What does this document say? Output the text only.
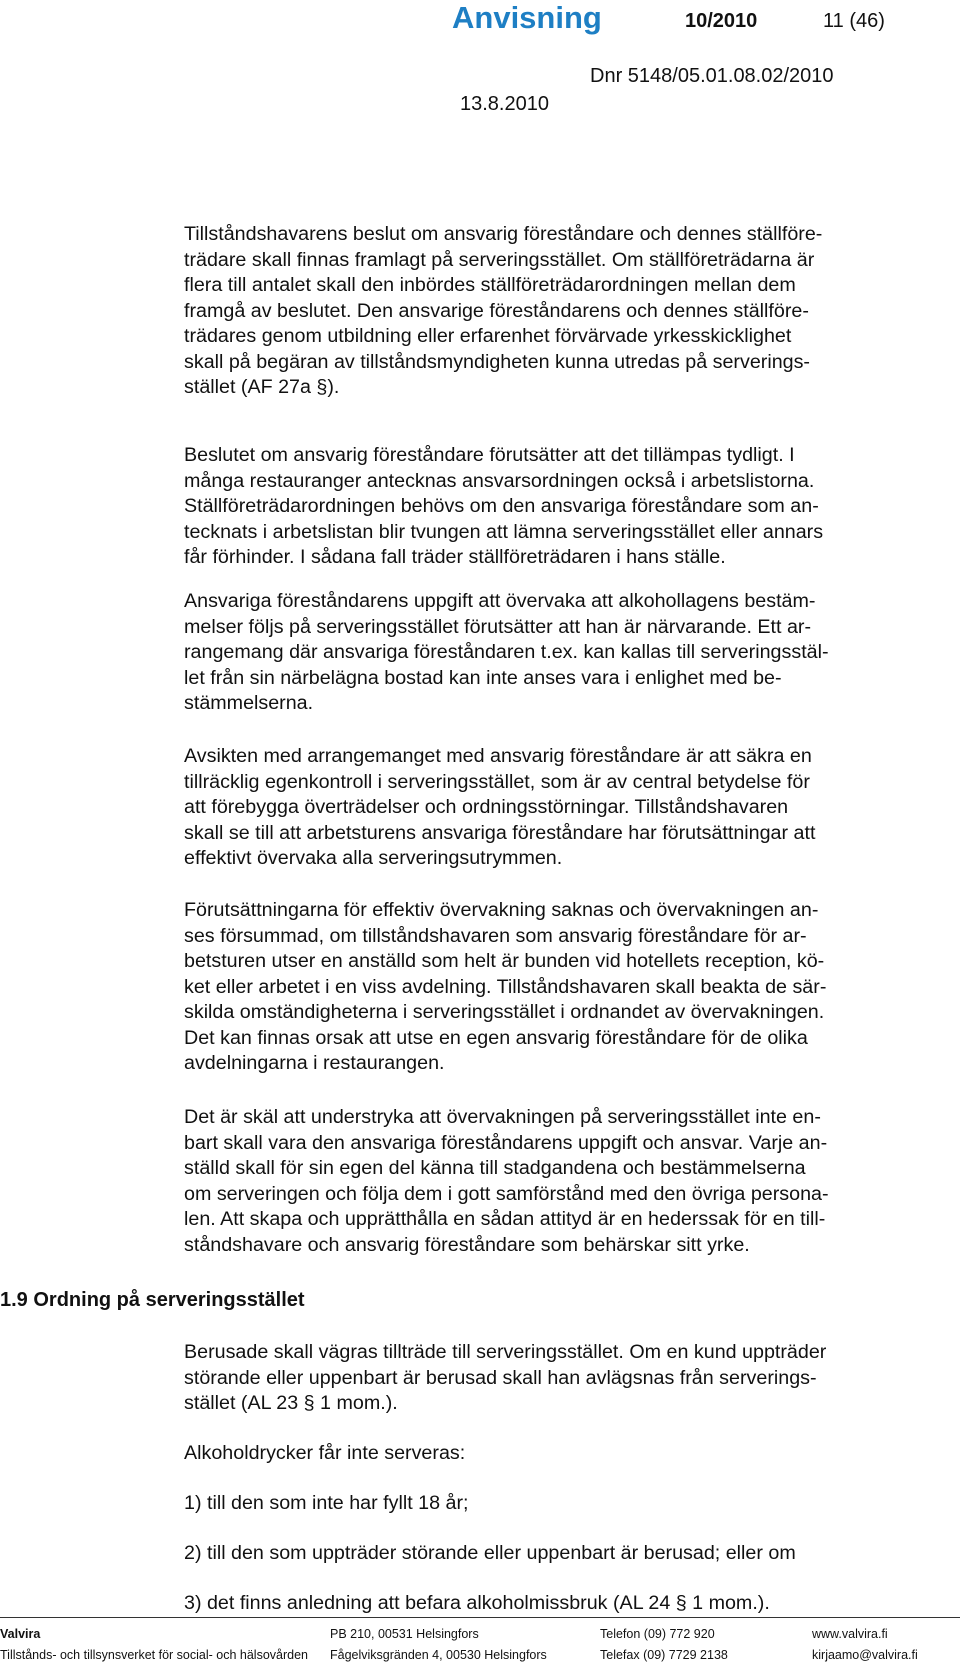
Anvisning	10/2010	11 (46)
Dnr 5148/05.01.08.02/2010
13.8.2010
Tillståndshavarens beslut om ansvarig föreståndare och dennes ställföre-
trädare skall finnas framlagt på serveringsstället. Om ställföreträdarna är
flera till antalet skall den inbördes ställföreträdarordningen mellan dem
framgå av beslutet. Den ansvarige föreståndarens och dennes ställföre-
trädares genom utbildning eller erfarenhet förvärvade yrkesskicklighet
skall på begäran av tillståndsmyndigheten kunna utredas på serverings-
stället (AF 27a §).
Beslutet om ansvarig föreståndare förutsätter att det tillämpas tydligt. I
många restauranger antecknas ansvarsordningen också i arbetslistorna.
Ställföreträdarordningen behövs om den ansvariga föreståndare som an-
tecknats i arbetslistan blir tvungen att lämna serveringsstället eller annars
får förhinder. I sådana fall träder ställföreträdaren i hans ställe.
Ansvariga föreståndarens uppgift att övervaka att alkohollagens bestäm-
melser följs på serveringsstället förutsätter att han är närvarande. Ett ar-
rangemang där ansvariga föreståndaren t.ex. kan kallas till serveringsstäl-
let från sin närbelägna bostad kan inte anses vara i enlighet med be-
stämmelserna.
Avsikten med arrangemanget med ansvarig föreståndare är att säkra en
tillräcklig egenkontroll i serveringsstället, som är av central betydelse för
att förebygga överträdelser och ordningsstörningar. Tillståndshavaren
skall se till att arbetsturens ansvariga föreståndare har förutsättningar att
effektivt övervaka alla serveringsutrymmen.
Förutsättningarna för effektiv övervakning saknas och övervakningen an-
ses försummad, om tillståndshavaren som ansvarig föreståndare för ar-
betsturen utser en anställd som helt är bunden vid hotellets reception, kö-
ket eller arbetet i en viss avdelning. Tillståndshavaren skall beakta de sär-
skilda omständigheterna i serveringsstället i ordnandet av övervakningen.
Det kan finnas orsak att utse en egen ansvarig föreståndare för de olika
avdelningarna i restaurangen.
Det är skäl att understryka att övervakningen på serveringsstället inte en-
bart skall vara den ansvariga föreståndarens uppgift och ansvar. Varje an-
ställd skall för sin egen del känna till stadgandena och bestämmelserna
om serveringen och följa dem i gott samförstånd med den övriga persona-
len. Att skapa och upprätthålla en sådan attityd är en hederssak för en till-
ståndshavare och ansvarig föreståndare som behärskar sitt yrke.
1.9 Ordning på serveringsstället
Berusade skall vägras tillträde till serveringsstället. Om en kund uppträder
störande eller uppenbart är berusad skall han avlägsnas från serverings-
stället (AL 23 § 1 mom.).
Alkoholdrycker får inte serveras:
1) till den som inte har fyllt 18 år;
2) till den som uppträder störande eller uppenbart är berusad; eller om
3) det finns anledning att befara alkoholmissbruk (AL 24 § 1 mom.).
Valvira
Tillstånds- och tillsynsverket för social- och hälsovården
PB 210, 00531 Helsingfors
Fågelviksgränden 4, 00530 Helsingfors
Telefon (09) 772 920
Telefax (09) 7729 2138
www.valvira.fi
kirjaamo@valvira.fi
